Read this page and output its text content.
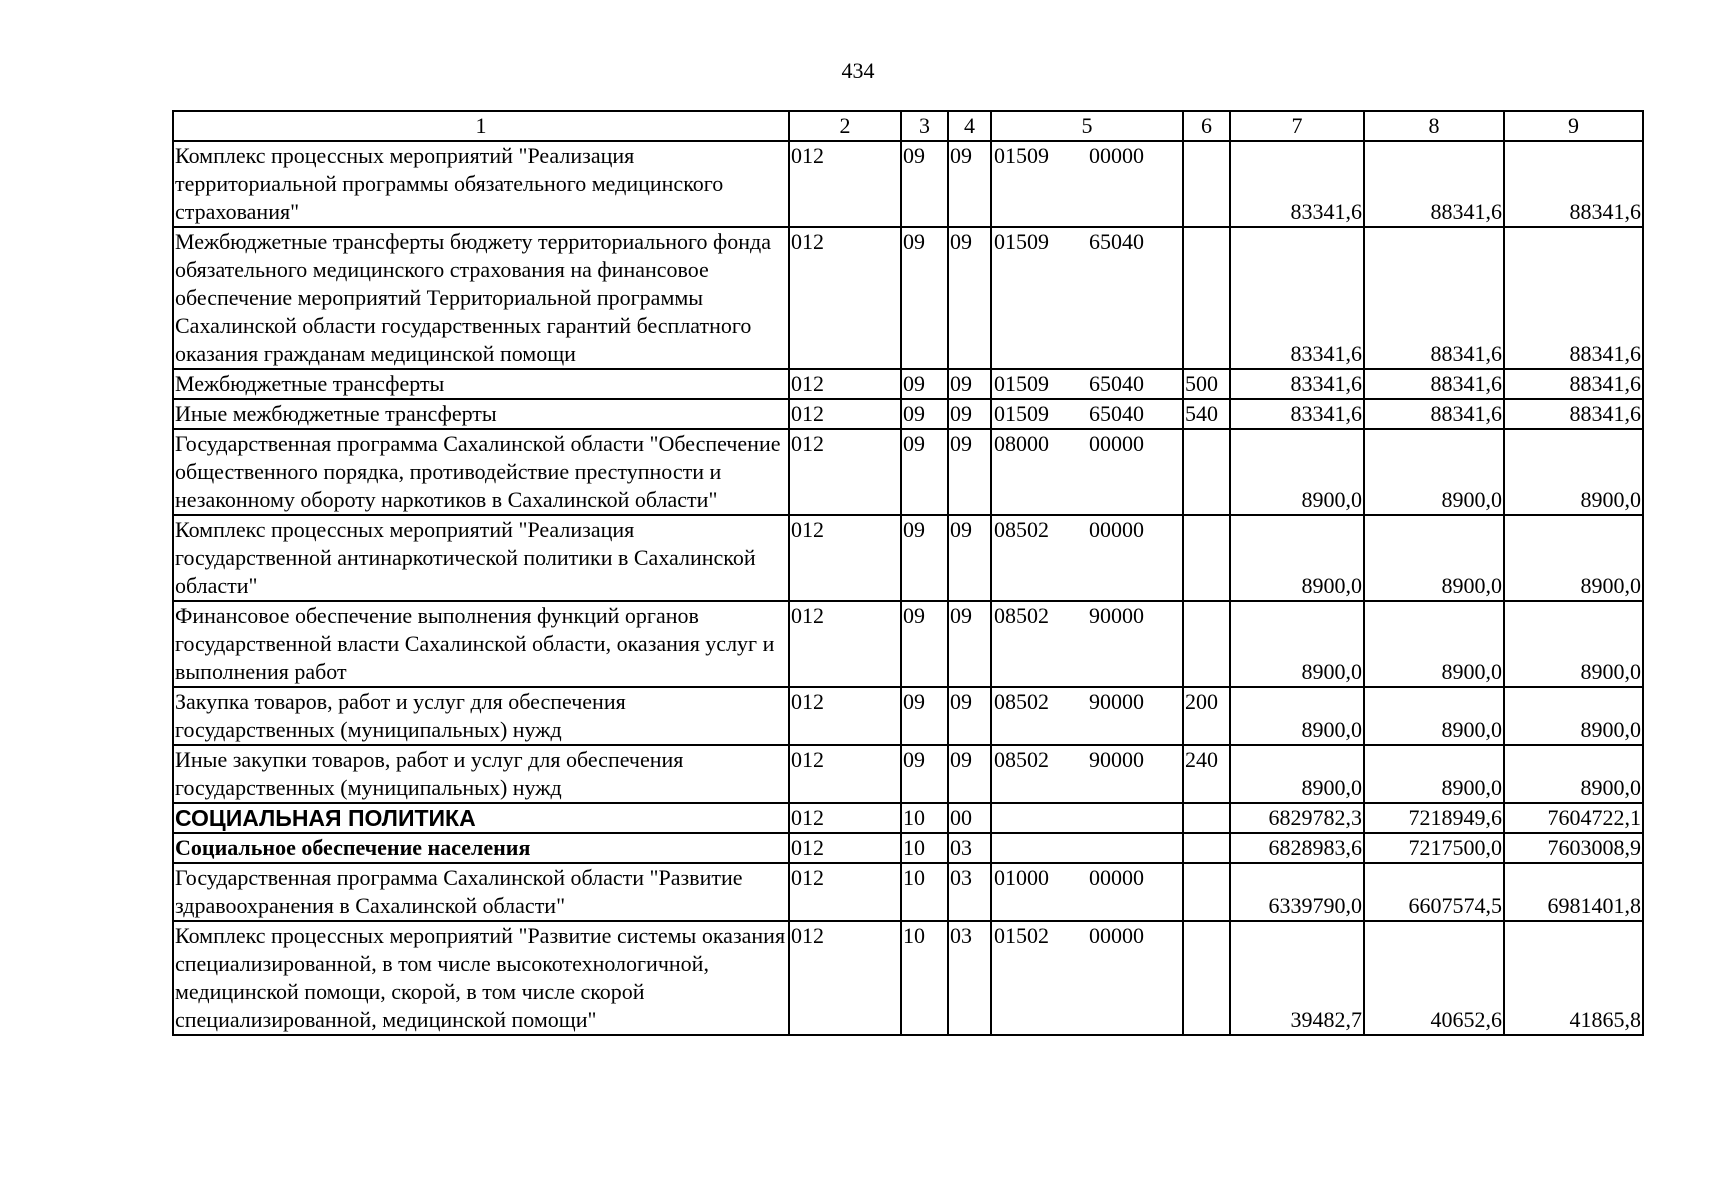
434
1	2	3	4	5	6	7	8	9
Комплекс процессных мероприятий "Реализация территориальной программы обязательного медицинского страхования"	012	09	09	01509 00000		83341,6	88341,6	88341,6
Межбюджетные трансферты бюджету территориального фонда обязательного медицинского страхования на финансовое обеспечение мероприятий Территориальной программы Сахалинской области государственных гарантий бесплатного оказания гражданам медицинской помощи	012	09	09	01509 65040		83341,6	88341,6	88341,6
Межбюджетные трансферты	012	09	09	01509 65040	500	83341,6	88341,6	88341,6
Иные межбюджетные трансферты	012	09	09	01509 65040	540	83341,6	88341,6	88341,6
Государственная программа Сахалинской области "Обеспечение общественного порядка, противодействие преступности и незаконному обороту наркотиков в Сахалинской области"	012	09	09	08000 00000		8900,0	8900,0	8900,0
Комплекс процессных мероприятий "Реализация государственной антинаркотической политики в Сахалинской области"	012	09	09	08502 00000		8900,0	8900,0	8900,0
Финансовое обеспечение выполнения функций органов государственной власти Сахалинской области, оказания услуг и выполнения работ	012	09	09	08502 90000		8900,0	8900,0	8900,0
Закупка товаров, работ и услуг для обеспечения государственных (муниципальных) нужд	012	09	09	08502 90000	200	8900,0	8900,0	8900,0
Иные закупки товаров, работ и услуг для обеспечения государственных (муниципальных) нужд	012	09	09	08502 90000	240	8900,0	8900,0	8900,0
СОЦИАЛЬНАЯ ПОЛИТИКА	012	10	00			6829782,3	7218949,6	7604722,1
Социальное обеспечение населения	012	10	03			6828983,6	7217500,0	7603008,9
Государственная программа Сахалинской области "Развитие здравоохранения в Сахалинской области"	012	10	03	01000 00000		6339790,0	6607574,5	6981401,8
Комплекс процессных мероприятий "Развитие системы оказания специализированной, в том числе высокотехнологичной, медицинской помощи, скорой, в том числе скорой специализированной, медицинской помощи"	012	10	03	01502 00000		39482,7	40652,6	41865,8
